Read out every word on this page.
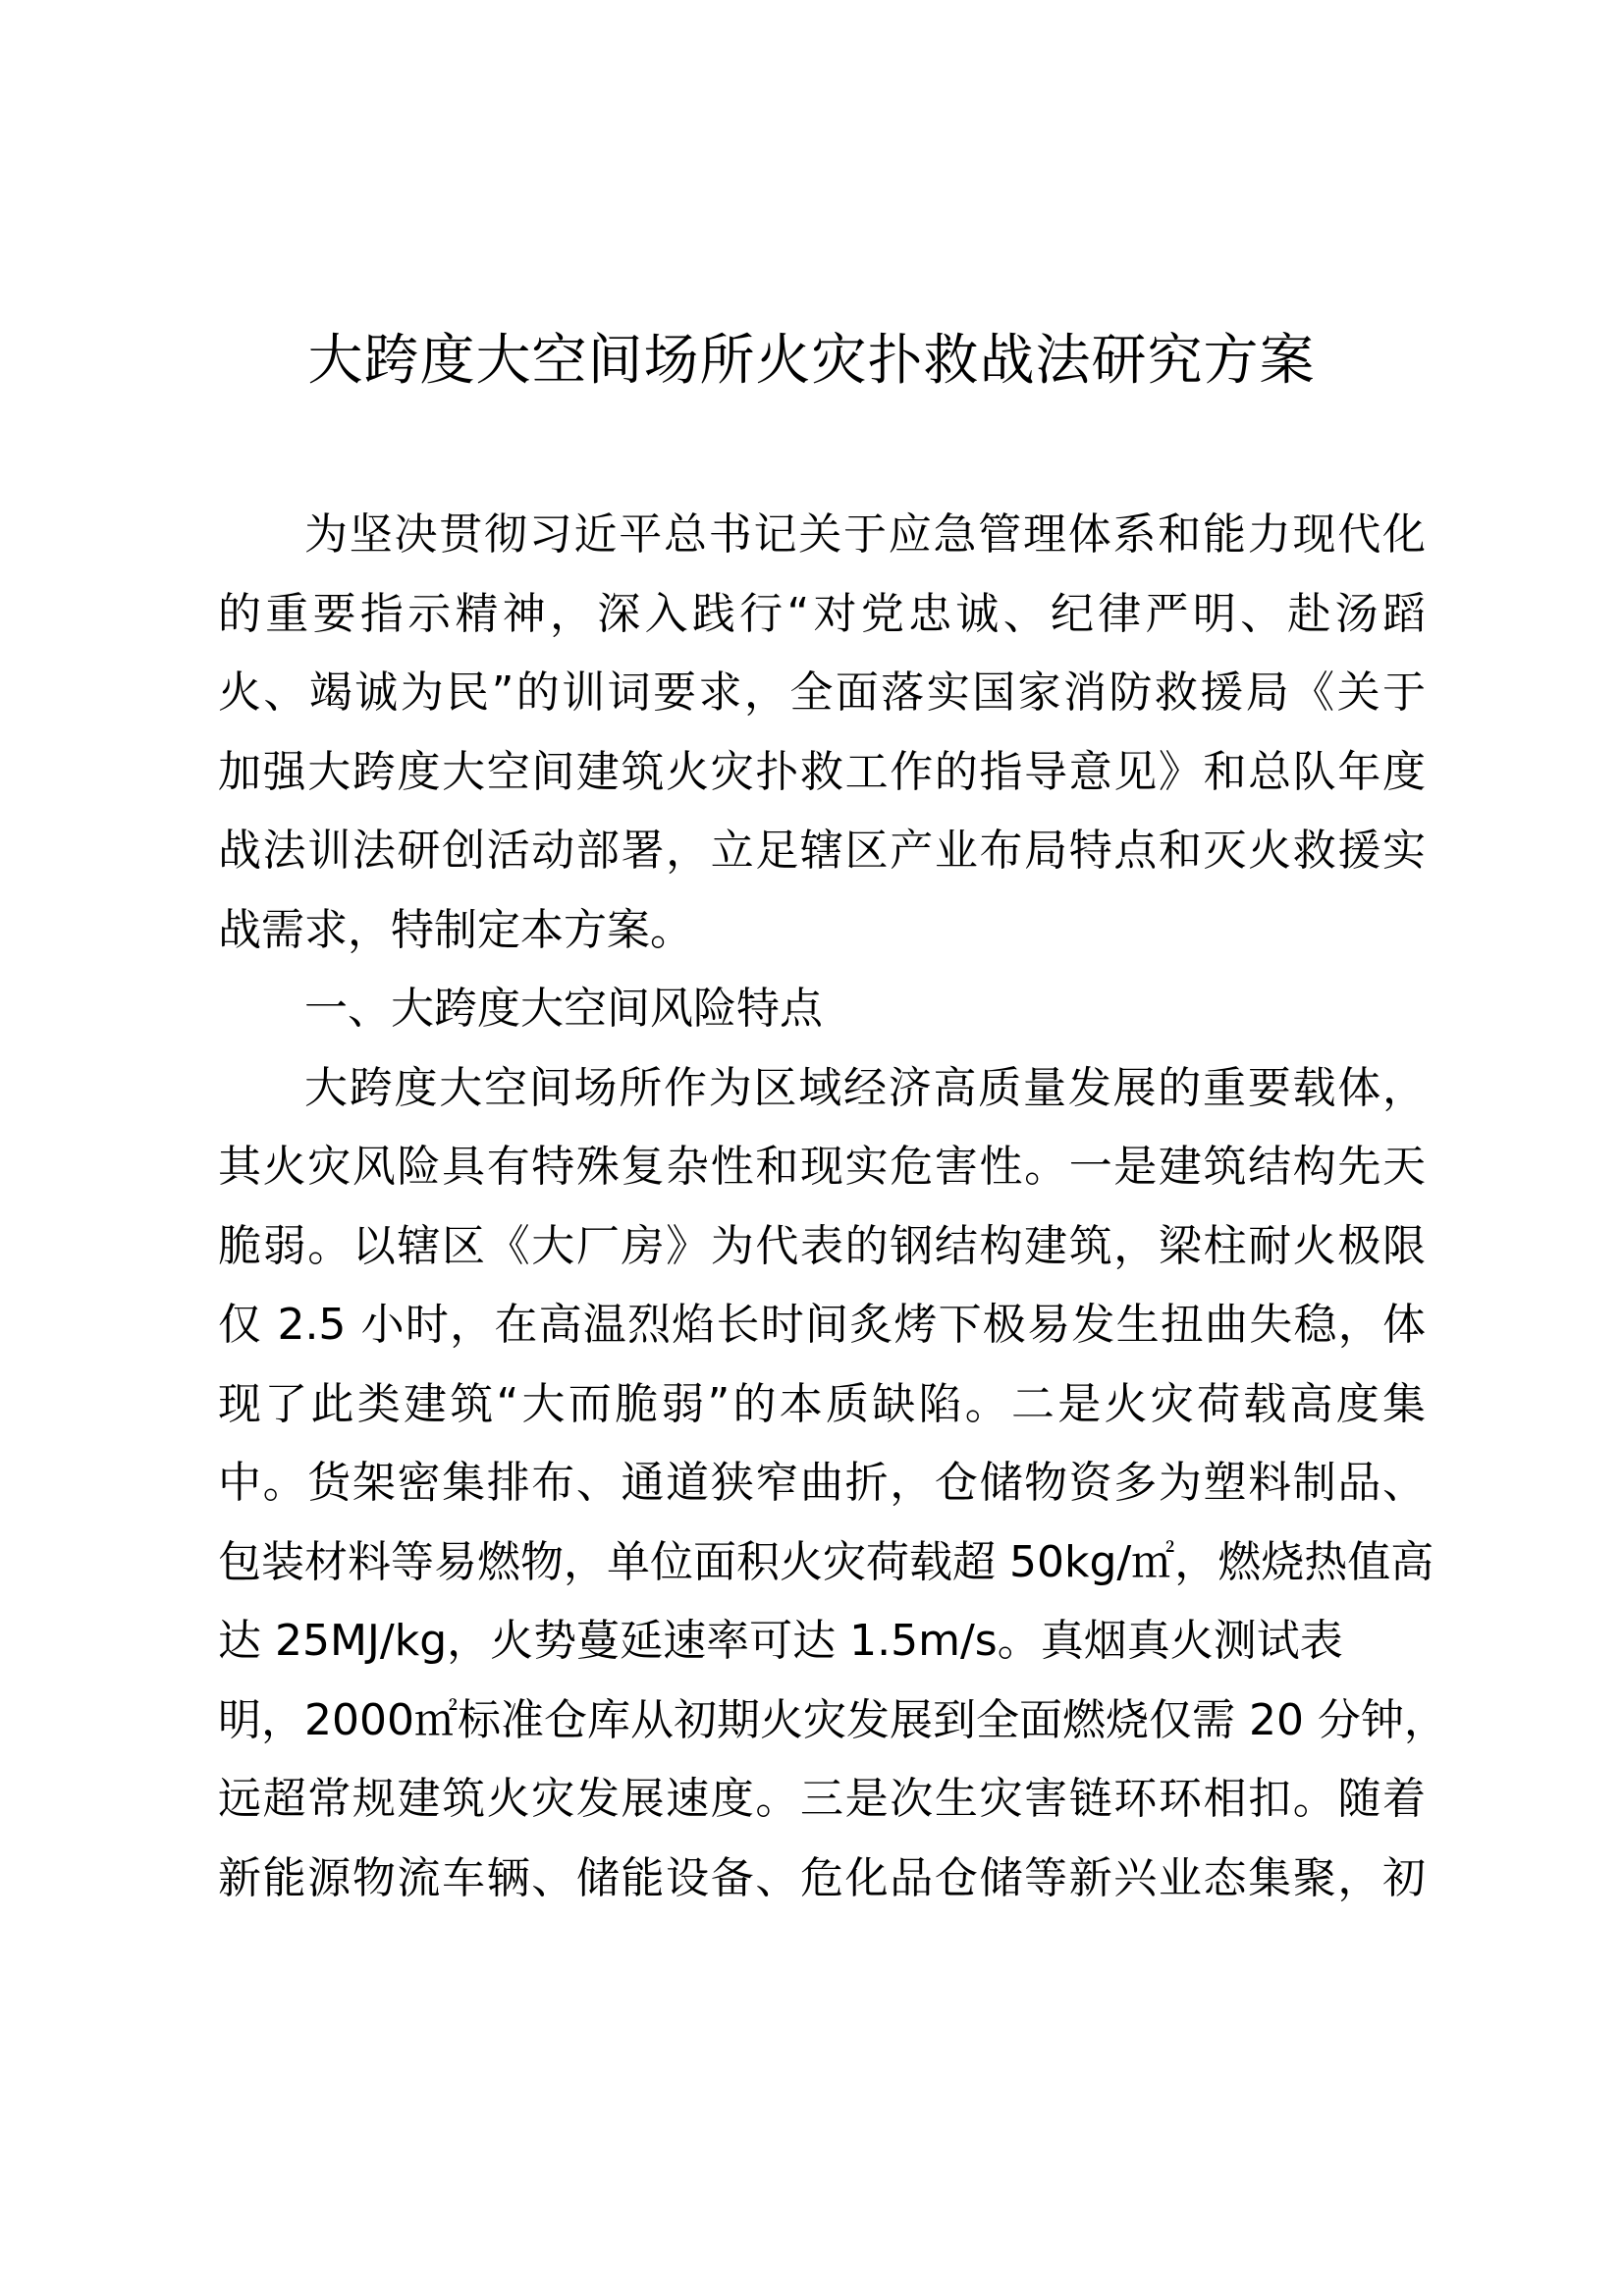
大跨度大空间场所火灾扑救战法研究方案
为坚决贯彻习近平总书记关于应急管理体系和能力现代化
的重要指示精神，深入践行“对党忠诚、纪律严明、赴汤蹈
火、竭诚为民”的训词要求，全面落实国家消防救援局《关于
加强大跨度大空间建筑火灾扑救工作的指导意见》和总队年度
战法训法研创活动部署，立足辖区产业布局特点和灭火救援实
战需求，特制定本方案。
一、大跨度大空间风险特点
大跨度大空间场所作为区域经济高质量发展的重要载体，
其火灾风险具有特殊复杂性和现实危害性。一是建筑结构先天
脆弱。以辖区《大厂房》为代表的钢结构建筑，梁柱耐火极限
仅 2.5 小时，在高温烈焰长时间炙烤下极易发生扭曲失稳，体
现了此类建筑“大而脆弱”的本质缺陷。二是火灾荷载高度集
中。货架密集排布、通道狭窄曲折，仓储物资多为塑料制品、
包装材料等易燃物，单位面积火灾荷载超 50kg/㎡，燃烧热值高
达 25MJ/kg，火势蔓延速率可达 1.5m/s。真烟真火测试表
明，2000㎡标准仓库从初期火灾发展到全面燃烧仅需 20 分钟，
远超常规建筑火灾发展速度。三是次生灾害链环环相扣。随着
新能源物流车辆、储能设备、危化品仓储等新兴业态集聚，初
